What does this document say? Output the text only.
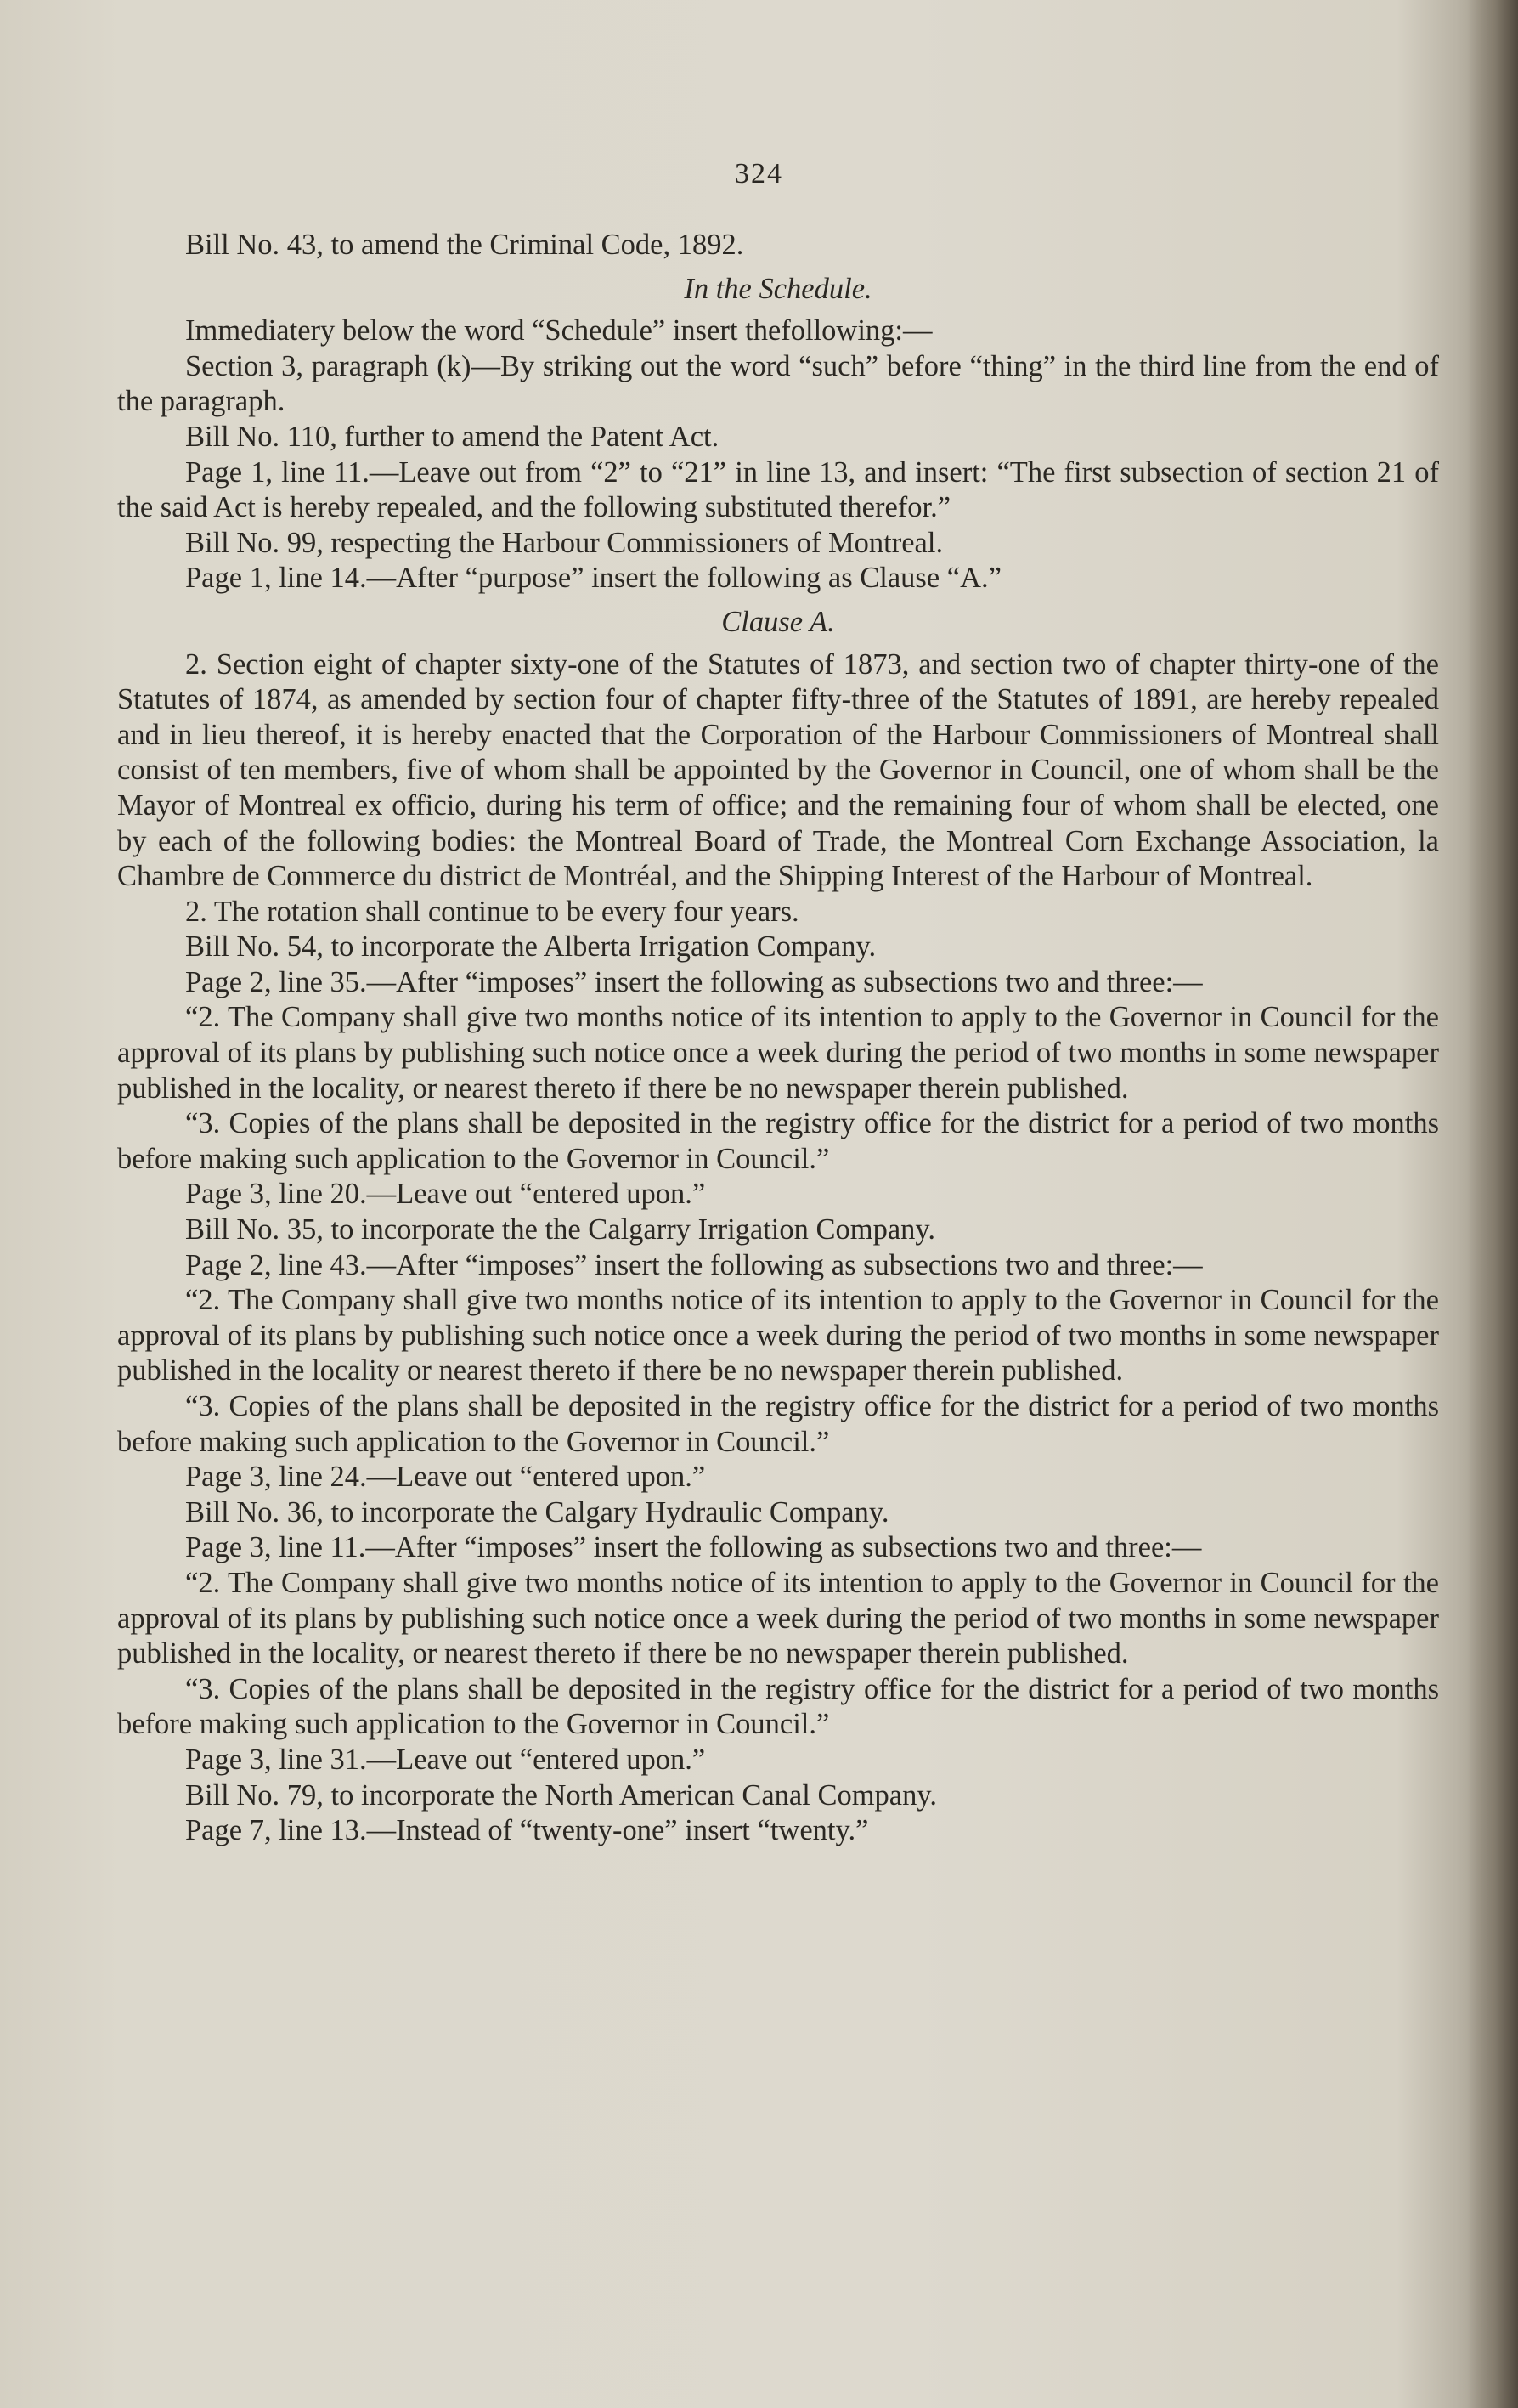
324

Bill No. 43, to amend the Criminal Code, 1892.

In the Schedule.

Immediatery below the word “Schedule” insert thefollowing:—

Section 3, paragraph (k)—By striking out the word “such” before “thing” in the third line from the end of the paragraph.

Bill No. 110, further to amend the Patent Act.

Page 1, line 11.—Leave out from “2” to “21” in line 13, and insert: “The first subsection of section 21 of the said Act is hereby repealed, and the following substituted therefor.”

Bill No. 99, respecting the Harbour Commissioners of Montreal.

Page 1, line 14.—After “purpose” insert the following as Clause “A.”

Clause A.

2. Section eight of chapter sixty-one of the Statutes of 1873, and section two of chapter thirty-one of the Statutes of 1874, as amended by section four of chapter fifty-three of the Statutes of 1891, are hereby repealed and in lieu thereof, it is hereby enacted that the Corporation of the Harbour Commissioners of Montreal shall consist of ten members, five of whom shall be appointed by the Governor in Council, one of whom shall be the Mayor of Montreal ex officio, during his term of office; and the remaining four of whom shall be elected, one by each of the following bodies: the Montreal Board of Trade, the Montreal Corn Exchange Association, la Chambre de Commerce du district de Montréal, and the Shipping Interest of the Harbour of Montreal.

2. The rotation shall continue to be every four years.

Bill No. 54, to incorporate the Alberta Irrigation Company.

Page 2, line 35.—After “imposes” insert the following as subsections two and three:—

“2. The Company shall give two months notice of its intention to apply to the Governor in Council for the approval of its plans by publishing such notice once a week during the period of two months in some newspaper published in the locality, or nearest thereto if there be no newspaper therein published.

“3. Copies of the plans shall be deposited in the registry office for the district for a period of two months before making such application to the Governor in Council.”

Page 3, line 20.—Leave out “entered upon.”

Bill No. 35, to incorporate the the Calgarry Irrigation Company.

Page 2, line 43.—After “imposes” insert the following as subsections two and three:—

“2. The Company shall give two months notice of its intention to apply to the Governor in Council for the approval of its plans by publishing such notice once a week during the period of two months in some newspaper published in the locality or nearest thereto if there be no newspaper therein published.

“3. Copies of the plans shall be deposited in the registry office for the district for a period of two months before making such application to the Governor in Council.”

Page 3, line 24.—Leave out “entered upon.”

Bill No. 36, to incorporate the Calgary Hydraulic Company.

Page 3, line 11.—After “imposes” insert the following as subsections two and three:—

“2. The Company shall give two months notice of its intention to apply to the Governor in Council for the approval of its plans by publishing such notice once a week during the period of two months in some newspaper published in the locality, or nearest thereto if there be no newspaper therein published.

“3. Copies of the plans shall be deposited in the registry office for the district for a period of two months before making such application to the Governor in Council.”

Page 3, line 31.—Leave out “entered upon.”

Bill No. 79, to incorporate the North American Canal Company.

Page 7, line 13.—Instead of “twenty-one” insert “twenty.”
